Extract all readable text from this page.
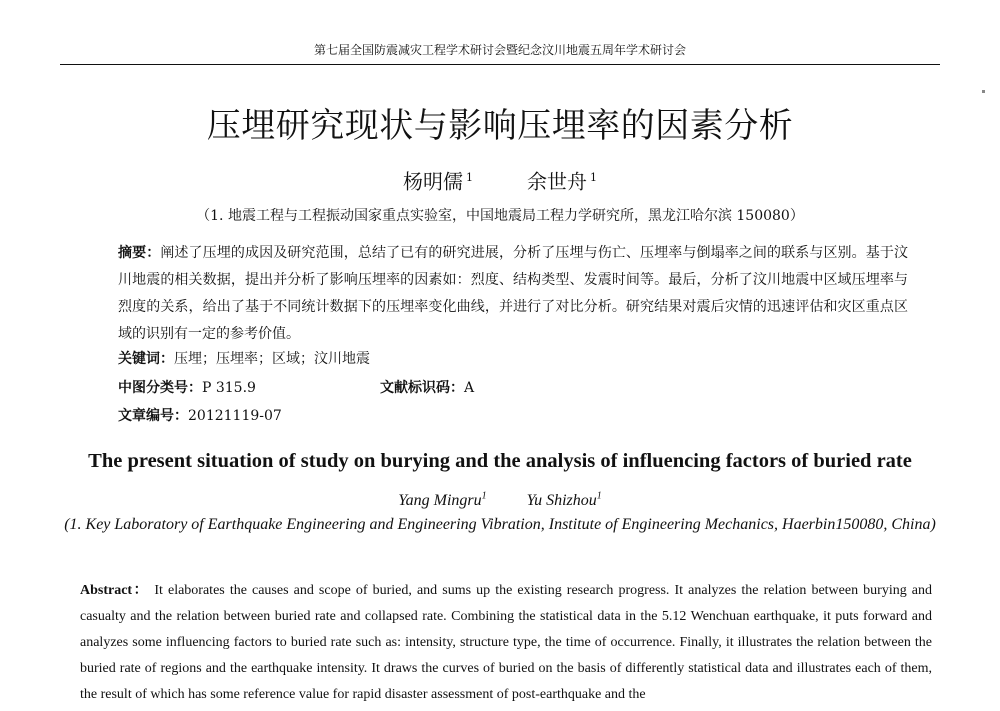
第七届全国防震减灾工程学术研讨会暨纪念汶川地震五周年学术研讨会
压埋研究现状与影响压埋率的因素分析
杨明儒 $^1$	余世舟 $^1$
（1. 地震工程与工程振动国家重点实验室，中国地震局工程力学研究所，黑龙江哈尔滨 150080）
摘要：阐述了压埋的成因及研究范围，总结了已有的研究进展，分析了压埋与伤亡、压埋率与倒塌率之间的联系与区别。基于汶川地震的相关数据，提出并分析了影响压埋率的因素如：烈度、结构类型、发震时间等。最后，分析了汶川地震中区域压埋率与烈度的关系，给出了基于不同统计数据下的压埋率变化曲线，并进行了对比分析。研究结果对震后灾情的迅速评估和灾区重点区域的识别有一定的参考价值。
关键词：压埋；压埋率；区域；汶川地震
中图分类号：P 315.9	文献标识码：A
文章编号：20121119-07
The present situation of study on burying and the analysis of influencing factors of buried rate
Yang Mingru$^1$	Yu Shizhou$^1$
(1. Key Laboratory of Earthquake Engineering and Engineering Vibration, Institute of Engineering Mechanics, Haerbin150080, China)
Abstract： It elaborates the causes and scope of buried, and sums up the existing research progress. It analyzes the relation between burying and casualty and the relation between buried rate and collapsed rate. Combining the statistical data in the 5.12 Wenchuan earthquake, it puts forward and analyzes some influencing factors to buried rate such as: intensity, structure type, the time of occurrence. Finally, it illustrates the relation between the buried rate of regions and the earthquake intensity. It draws the curves of buried on the basis of differently statistical data and illustrates each of them, the result of which has some reference value for rapid disaster assessment of post-earthquake and the
